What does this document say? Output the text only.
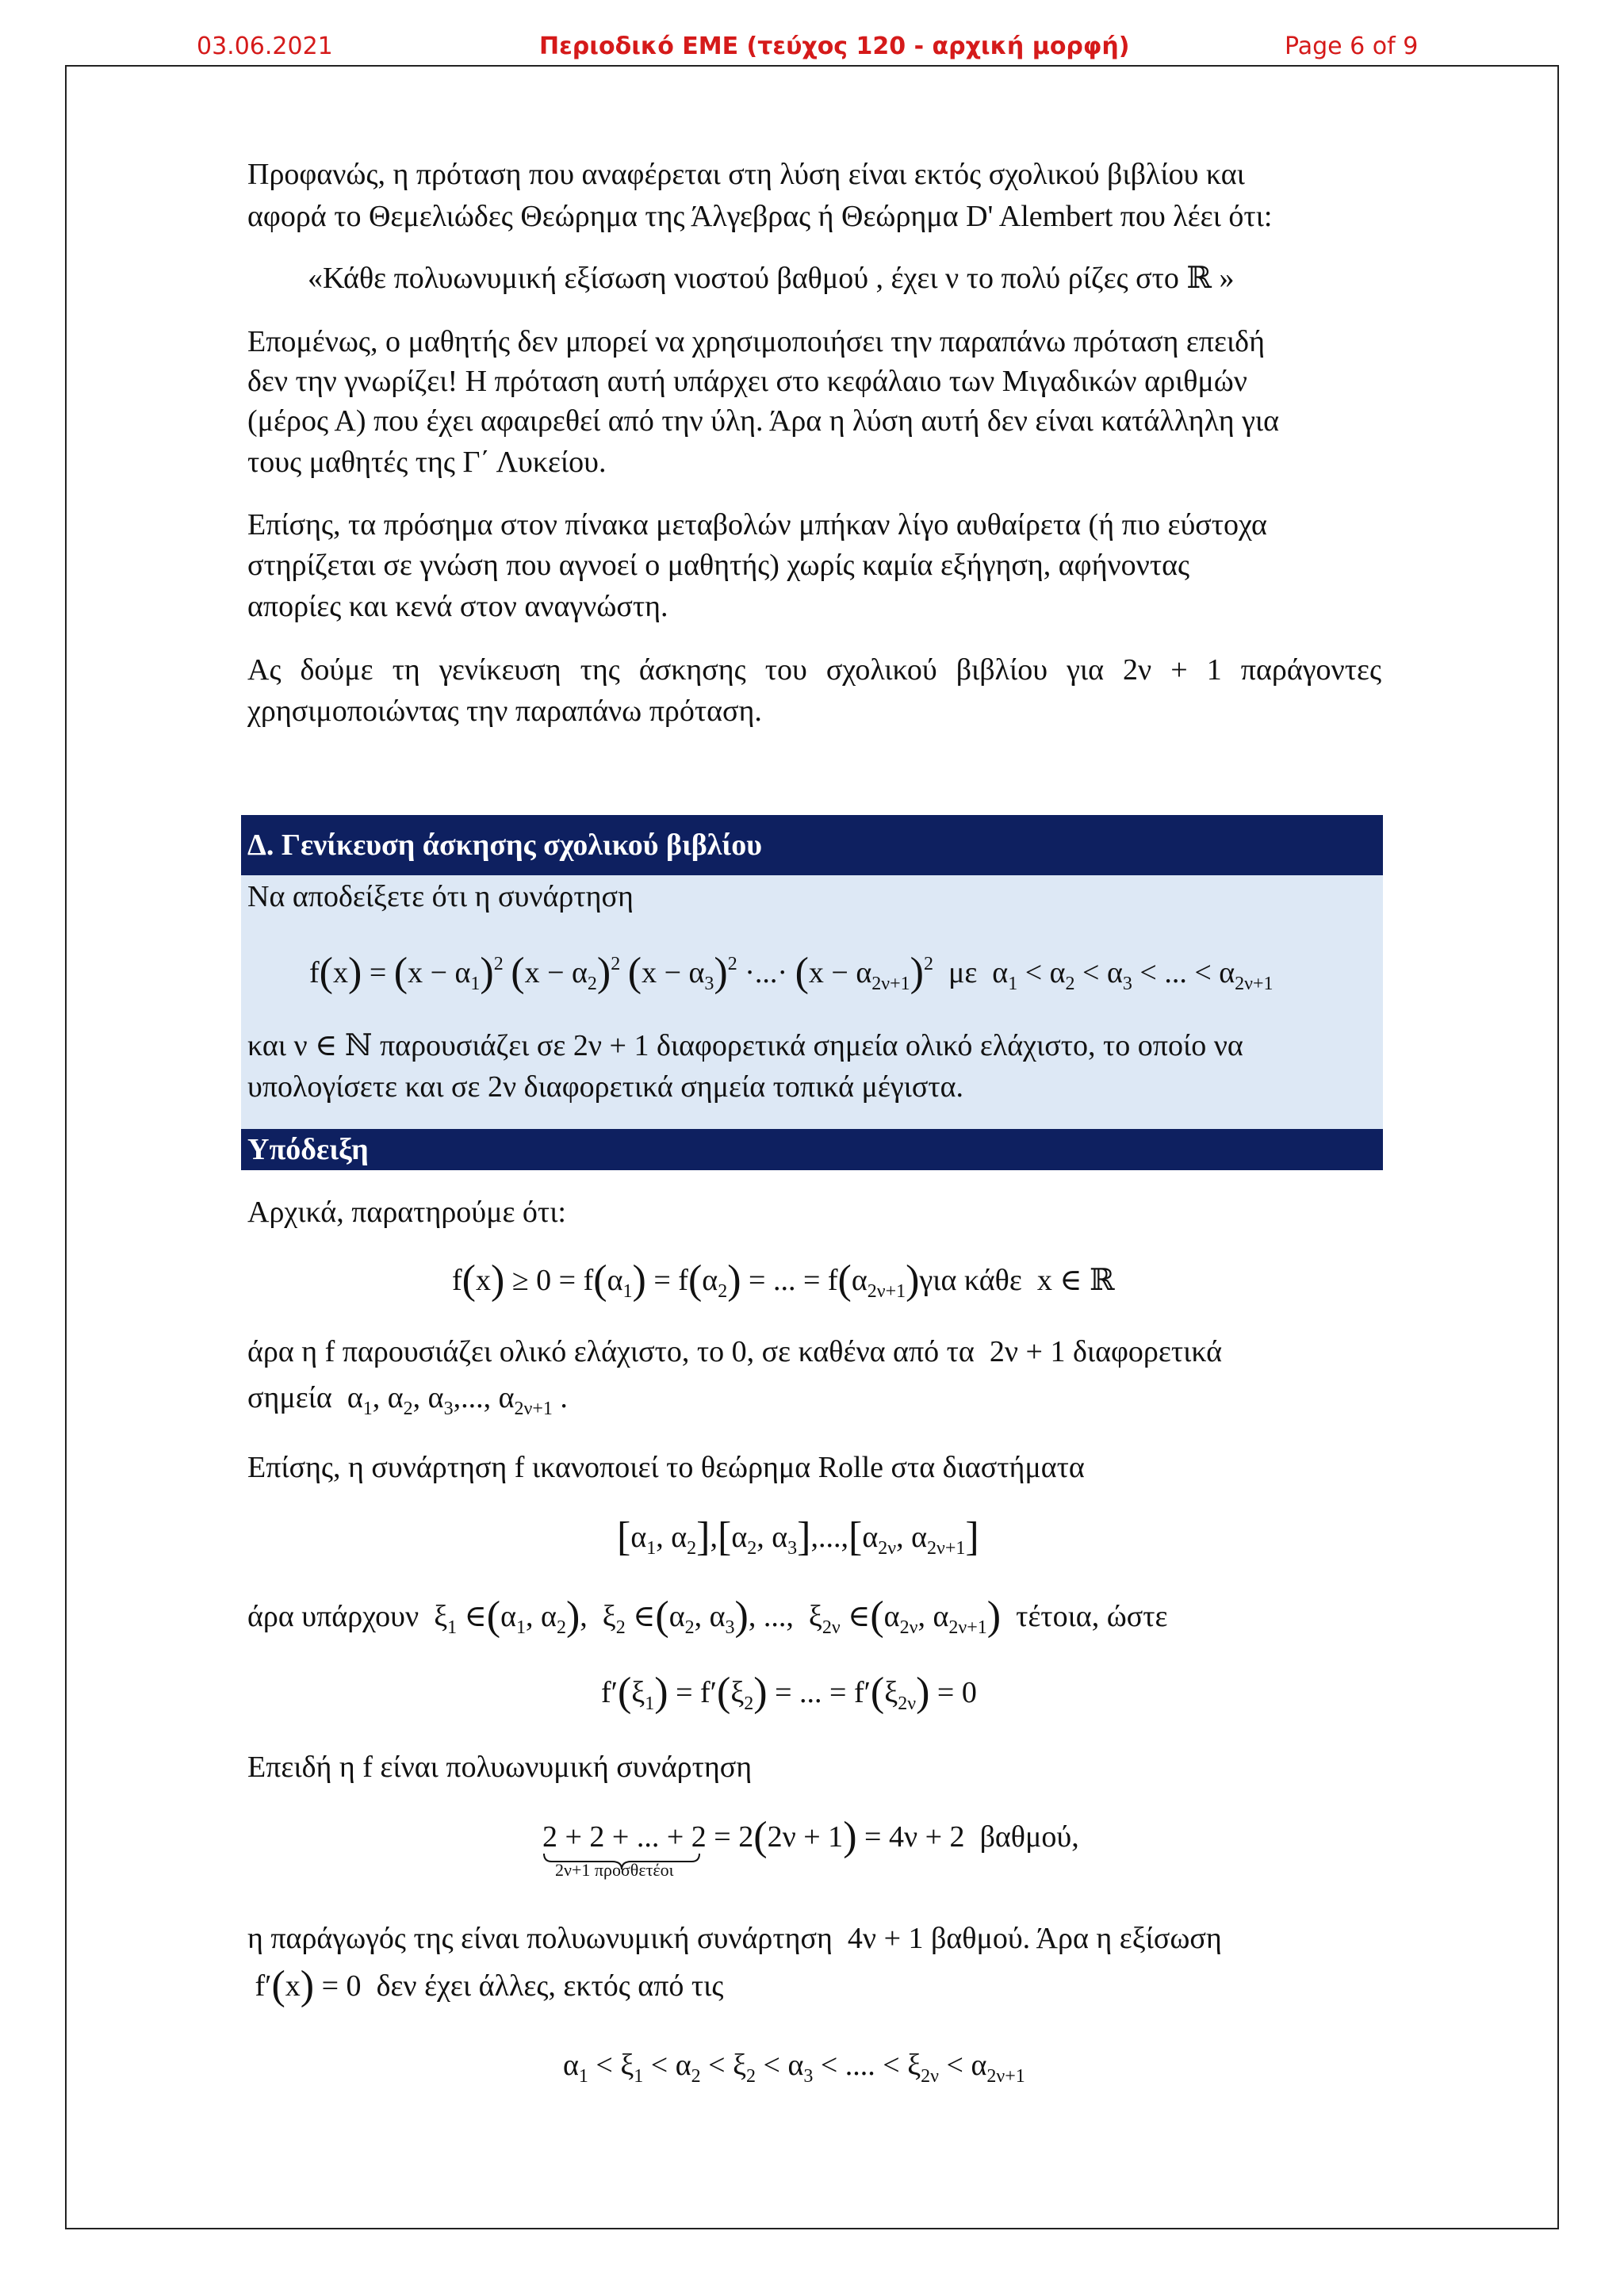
03.06.2021	Περιοδικό ΕΜΕ (τεύχος 120 - αρχική μορφή)	Page 6 of 9
Προφανώς, η πρόταση που αναφέρεται στη λύση είναι εκτός σχολικού βιβλίου και
αφορά το Θεμελιώδες Θεώρημα της Άλγεβρας ή Θεώρημα D' Alembert που λέει ότι:
«Κάθε πολυωνυμική εξίσωση νιοστού βαθμού , έχει ν το πολύ ρίζες στο ℝ »
Επομένως, ο μαθητής δεν μπορεί να χρησιμοποιήσει την παραπάνω πρόταση επειδή
δεν την γνωρίζει! Η πρόταση αυτή υπάρχει στο κεφάλαιο των Μιγαδικών αριθμών
(μέρος Α) που έχει αφαιρεθεί από την ύλη. Άρα η λύση αυτή δεν είναι κατάλληλη για
τους μαθητές της Γ΄ Λυκείου.
Επίσης, τα πρόσημα στον πίνακα μεταβολών μπήκαν λίγο αυθαίρετα (ή πιο εύστοχα
στηρίζεται σε γνώση που αγνοεί ο μαθητής) χωρίς καμία εξήγηση, αφήνοντας
απορίες και κενά στον αναγνώστη.
Ας δούμε τη γενίκευση της άσκησης του σχολικού βιβλίου για 2ν + 1 παράγοντες
χρησιμοποιώντας την παραπάνω πρόταση.
Δ. Γενίκευση άσκησης σχολικού βιβλίου
Να αποδείξετε ότι η συνάρτηση
$f(x) = (x - \alpha_1)^2$ $(x - \alpha_2)^2$ $(x - \alpha_3)^2$ ·...· $(x - \alpha_{2\nu+1})^2$  με  $\alpha_1 < \alpha_2 < \alpha_3$ < ... < $\alpha_{2\nu+1}$
και ν ∈ ℕ παρουσιάζει σε 2ν + 1 διαφορετικά σημεία ολικό ελάχιστο, το οποίο να
υπολογίσετε και σε 2ν διαφορετικά σημεία τοπικά μέγιστα.
Υπόδειξη
Αρχικά, παρατηρούμε ότι:
$f(x) \ge 0 = f(\alpha_1) = f(\alpha_2)$ = ... = $f(\alpha_{2\nu+1})\gamma\iota\alpha$ κάθε  x ∈ ℝ
άρα η f παρουσιάζει ολικό ελάχιστο, το 0, σε καθένα από τα  2ν + 1 διαφορετικά
σημεία  $\alpha_1$, $\alpha_2$, $\alpha_3$,..., $\alpha_{2\nu+1}$ .
Επίσης, η συνάρτηση f ικανοποιεί το θεώρημα Rolle στα διαστήματα
[$\alpha_1$, $\alpha_2],[\alpha_2$, $\alpha_3],...,[\alpha_{2\nu}$, $\alpha_{2\nu+1}$]
άρα υπάρχουν  $\xi_1$ $\in(\alpha_1$, $\alpha_2$),  $\xi_2$ $\in(\alpha_2$, $\alpha_3$), ...,  $\xi_{2\nu}$ $\in(\alpha_{2\nu}$, $\alpha_{2\nu+1}$) τέτοια, ώστε
$f'(\xi_1) = f'(\xi_2)$ = ... = $f'(\xi_{2\nu}) = 0$
Επειδή η f είναι πολυωνυμική συνάρτηση
2 + 2 + ... + 2 = 2(2ν + 1) = 4ν + 2  βαθμού,
2ν+1 προσθετέοι
η παράγωγός της είναι πολυωνυμική συνάρτηση  4ν + 1 βαθμού. Άρα η εξίσωση
f′(x) = 0  δεν έχει άλλες, εκτός από τις
$\alpha_1 < \xi_1 < \alpha_2 < \xi_2 < \alpha_3$ < .... < $\xi_{2\nu} < \alpha_{2\nu+1}$
